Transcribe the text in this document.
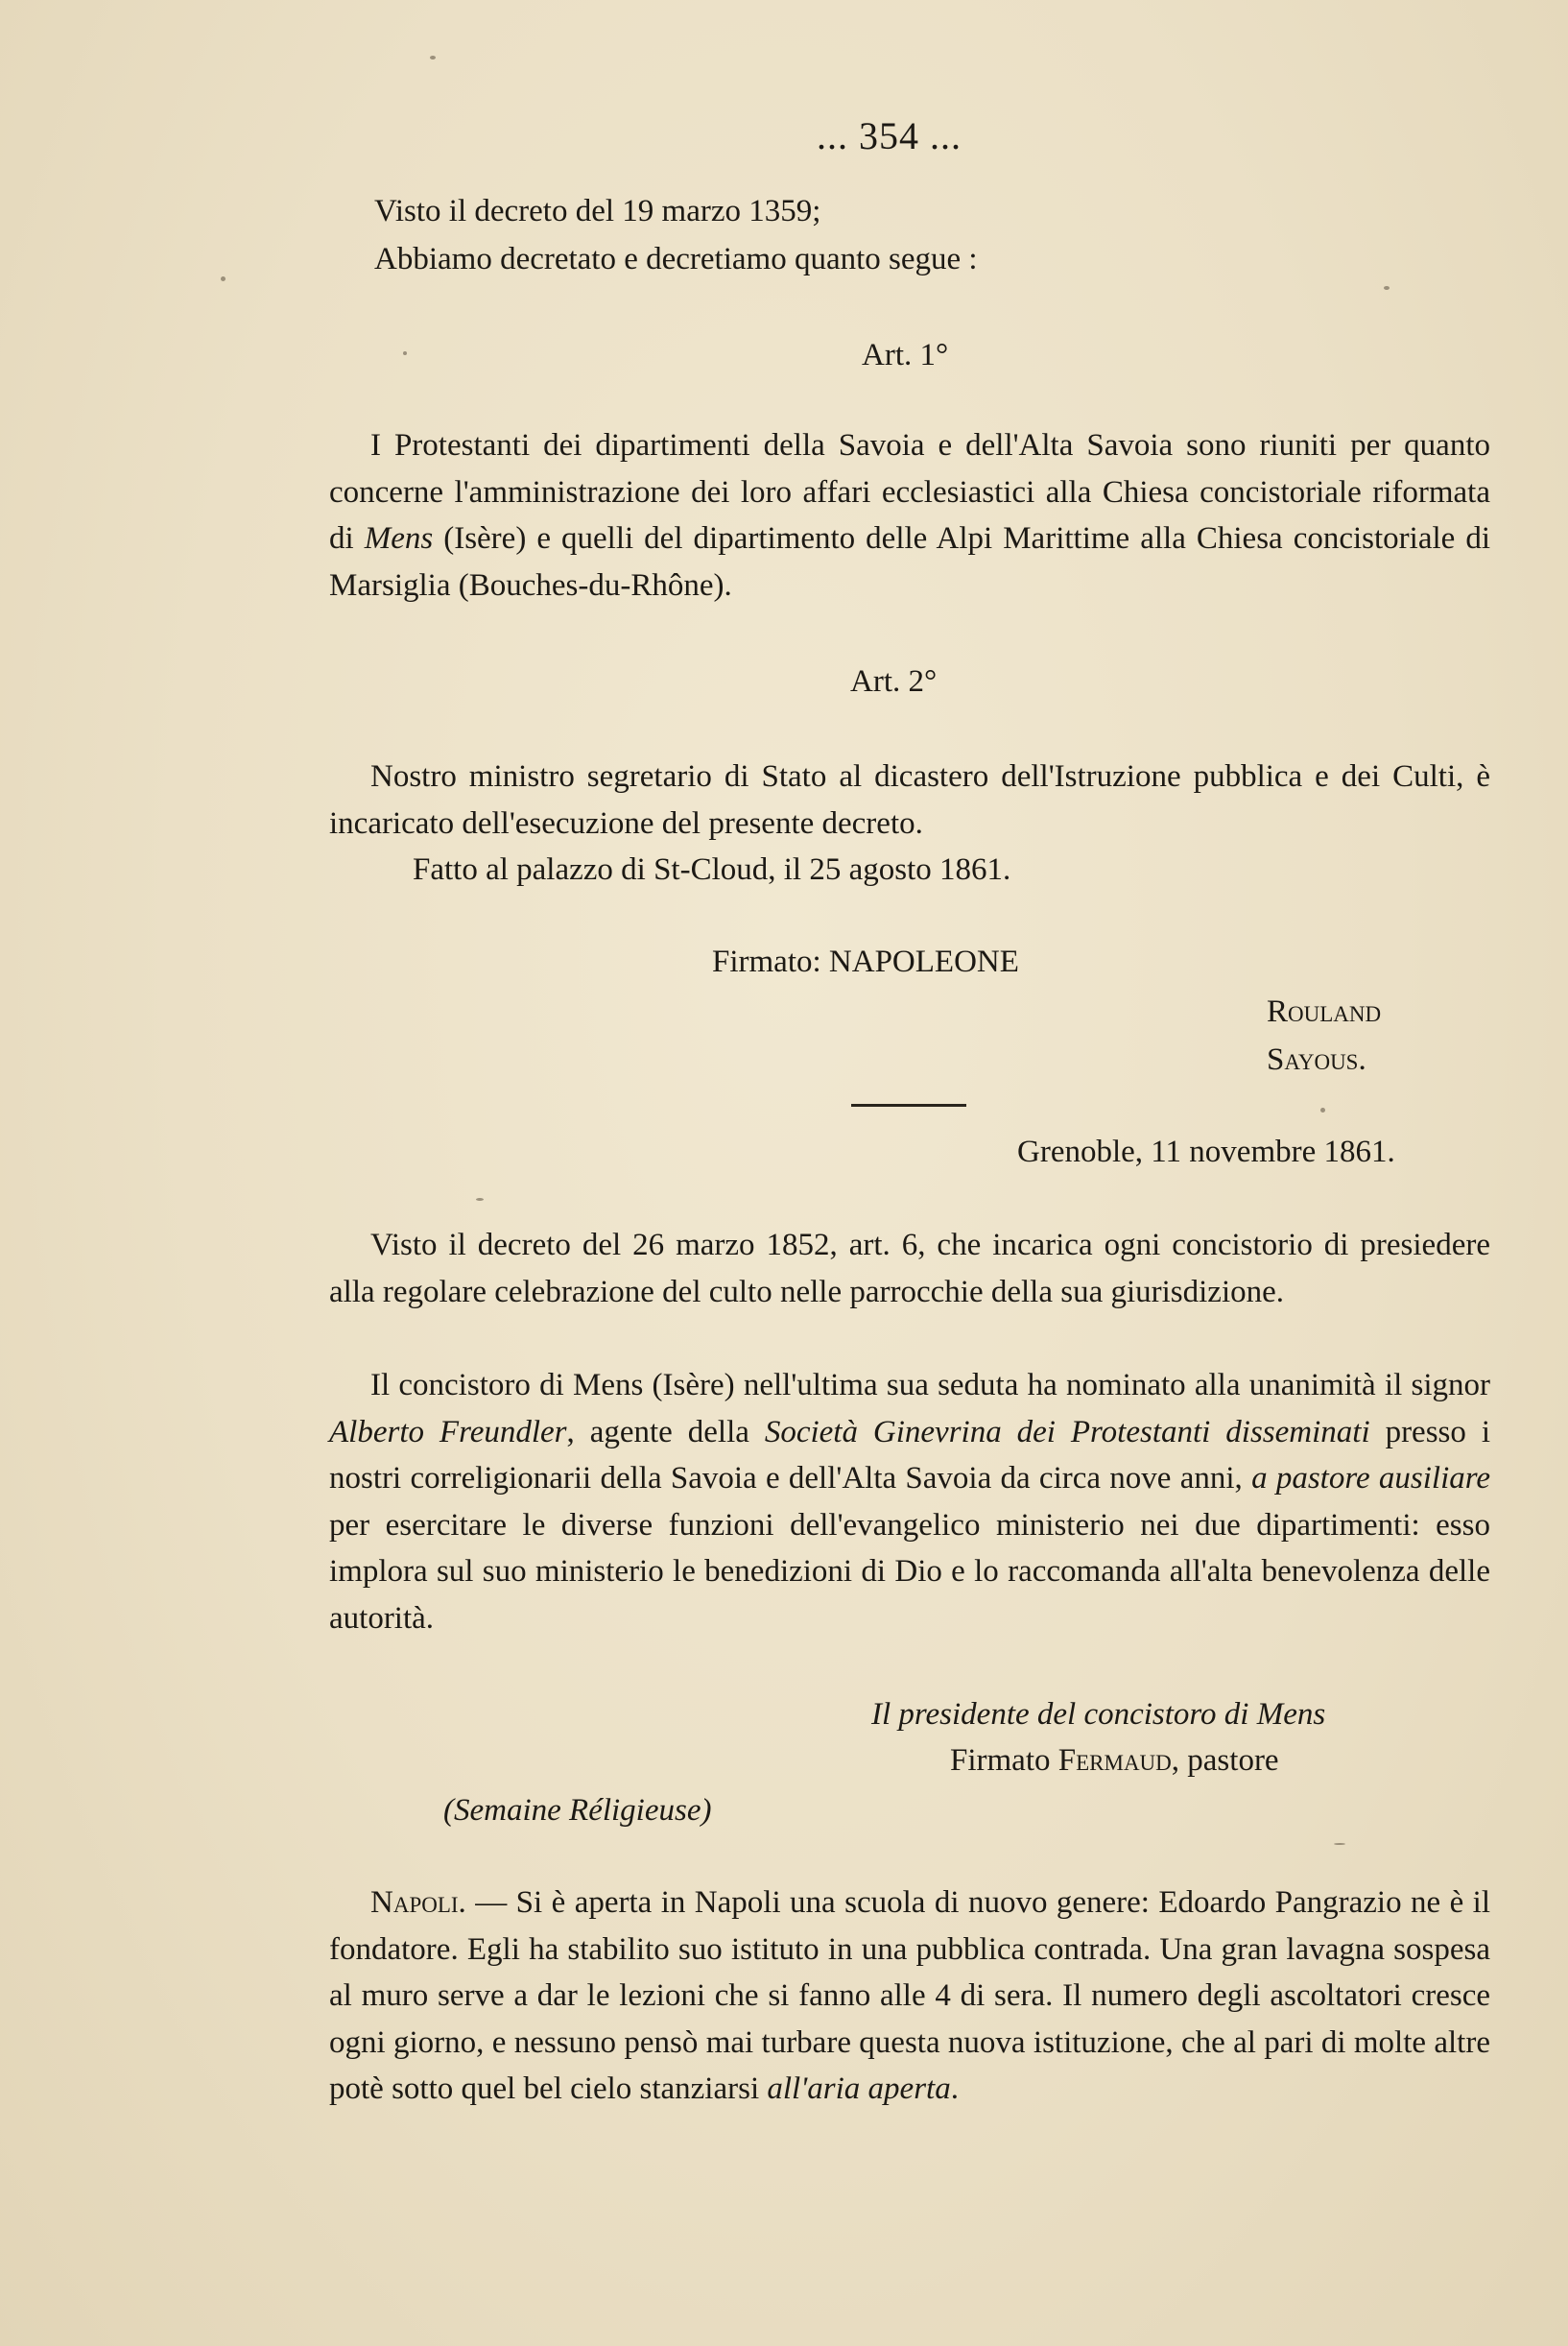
... 354 ...
Visto il decreto del 19 marzo 1359;
Abbiamo decretato e decretiamo quanto segue :
Art. 1°
I Protestanti dei dipartimenti della Savoia e dell'Alta Savoia sono riuniti per quanto concerne l'amministrazione dei loro affari ecclesiastici alla Chiesa concistoriale riformata di Mens (Isère) e quelli del dipartimento delle Alpi Marittime alla Chiesa concistoriale di Marsiglia (Bouches-du-Rhône).
Art. 2°
Nostro ministro segretario di Stato al dicastero dell'Istruzione pubblica e dei Culti, è incaricato dell'esecuzione del presente decreto.
Fatto al palazzo di St-Cloud, il 25 agosto 1861.
Firmato: NAPOLEONE
Rouland
Sayous.
Grenoble, 11 novembre 1861.
Visto il decreto del 26 marzo 1852, art. 6, che incarica ogni concistorio di presiedere alla regolare celebrazione del culto nelle parrocchie della sua giurisdizione.
Il concistoro di Mens (Isère) nell'ultima sua seduta ha nominato alla unanimità il signor Alberto Freundler, agente della Società Ginevrina dei Protestanti disseminati presso i nostri correligionarii della Savoia e dell'Alta Savoia da circa nove anni, a pastore ausiliare per esercitare le diverse funzioni dell'evangelico ministerio nei due dipartimenti: esso implora sul suo ministerio le benedizioni di Dio e lo raccomanda all'alta benevolenza delle autorità.
Il presidente del concistoro di Mens
Firmato Fermaud, pastore
(Semaine Réligieuse)
Napoli. — Si è aperta in Napoli una scuola di nuovo genere: Edoardo Pangrazio ne è il fondatore. Egli ha stabilito suo istituto in una pubblica contrada. Una gran lavagna sospesa al muro serve a dar le lezioni che si fanno alle 4 di sera. Il numero degli ascoltatori cresce ogni giorno, e nessuno pensò mai turbare questa nuova istituzione, che al pari di molte altre potè sotto quel bel cielo stanziarsi all'aria aperta.
